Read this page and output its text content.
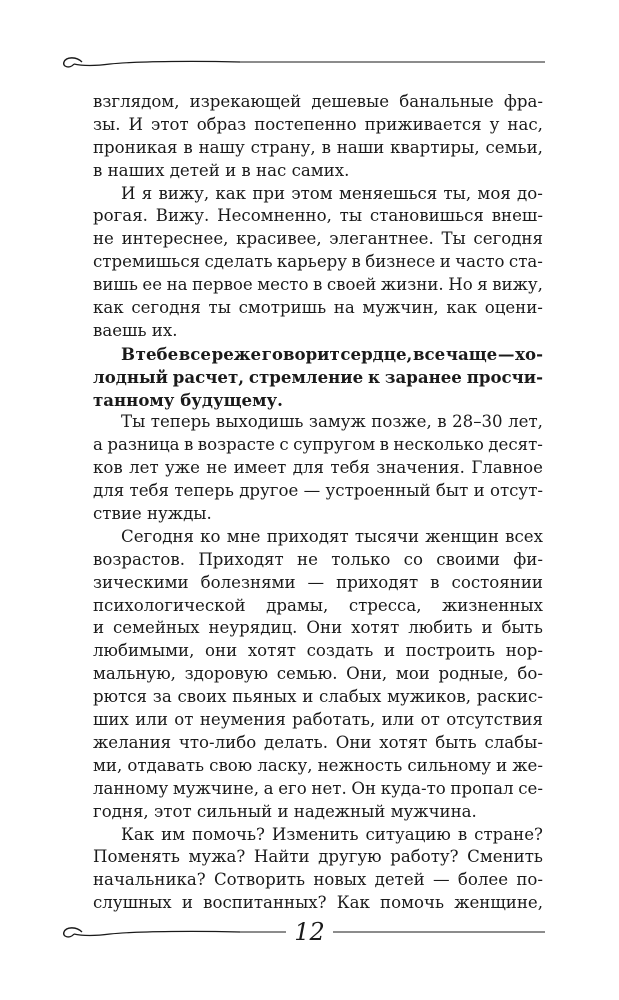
взглядом, изрекающей дешевые банальные фра-
зы. И этот образ постепенно приживается у нас,
проникая в нашу страну, в наши квартиры, семьи,
в наших детей и в нас самих.
И я вижу, как при этом меняешься ты, моя до-
рогая. Вижу. Несомненно, ты становишься внеш-
не интереснее, красивее, элегантнее. Ты сегодня
стремишься сделать карьеру в бизнесе и часто ста-
вишь ее на первое место в своей жизни. Но я вижу,
как сегодня ты смотришь на мужчин, как оцени-
ваешь их.
В тебе все реже говорит сердце, все чаще — хо-
лодный расчет, стремление к заранее просчи-
танному будущему.
Ты теперь выходишь замуж позже, в 28–30 лет,
а разница в возрасте с супругом в несколько десят-
ков лет уже не имеет для тебя значения. Главное
для тебя теперь другое — устроенный быт и отсут-
ствие нужды.
Сегодня ко мне приходят тысячи женщин всех
возрастов. Приходят не только со своими фи-
зическими болезнями — приходят в состоянии
психологической драмы, стресса, жизненных
и семейных неурядиц. Они хотят любить и быть
любимыми, они хотят создать и построить нор-
мальную, здоровую семью. Они, мои родные, бо-
рются за своих пьяных и слабых мужиков, раскис-
ших или от неумения работать, или от отсутствия
желания что-либо делать. Они хотят быть слабы-
ми, отдавать свою ласку, нежность сильному и же-
ланному мужчине, а его нет. Он куда-то пропал се-
годня, этот сильный и надежный мужчина.
Как им помочь? Изменить ситуацию в стране?
Поменять мужа? Найти другую работу? Сменить
начальника? Сотворить новых детей — более по-
слушных и воспитанных? Как помочь женщине,
12
